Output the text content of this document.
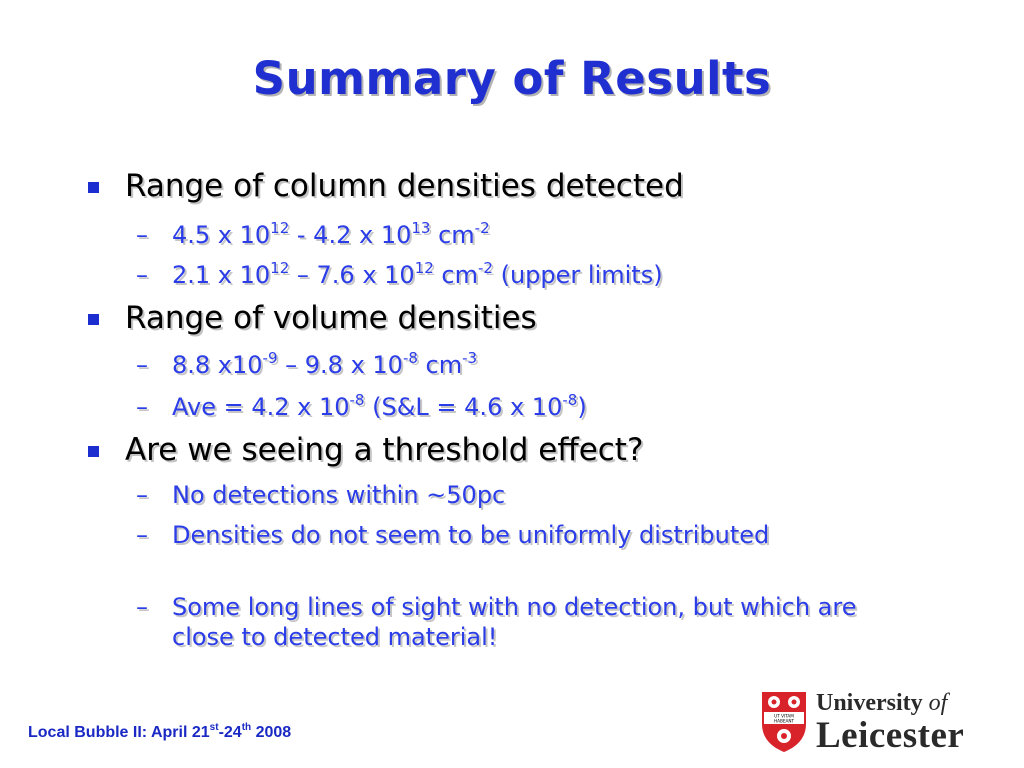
Summary of Results
Range of column densities detected
– 4.5 x $10^{12} - 4.2$ x $10^{13}$ $cm^{-2}$
– 2.1 x $10^{12} - 7.6$ x $10^{12}$ $cm^{-2}$ (upper limits)
Range of volume densities
– 8.8 $x10^{-9} - 9.8$ x $10^{-8}$ $cm^{-3}$
– Ave = 4.2 x $10^{-8}$ (S&L = 4.6 x $10^{-8}$)
Are we seeing a threshold effect?
– No detections within ~50pc
– Densities do not seem to be uniformly distributed
– Some long lines of sight with no detection, but which are close to detected material!
Local Bubble II: April 21st-24th 2008
UT VITAM
HABEANT
University of
Leicester
